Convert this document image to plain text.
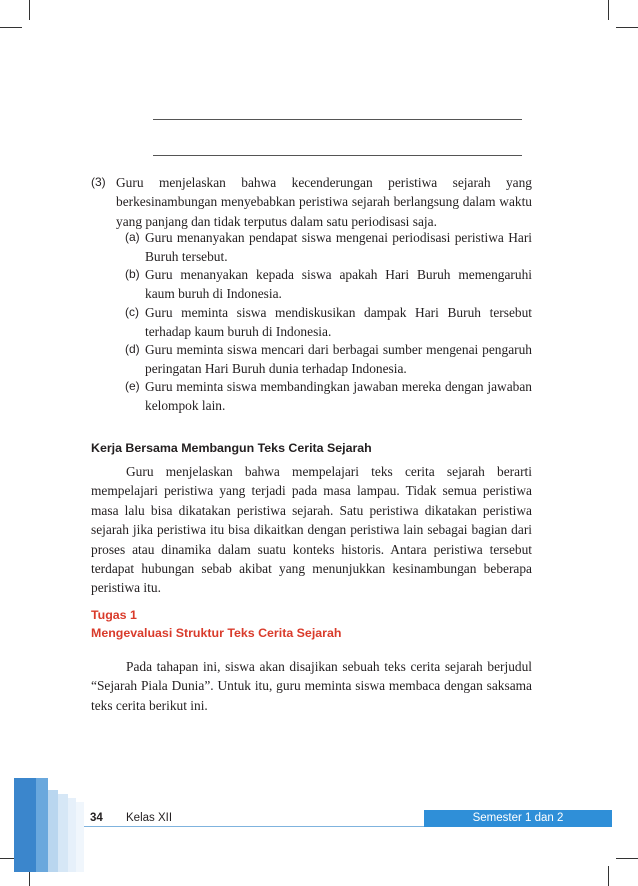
(3) Guru menjelaskan bahwa kecenderungan peristiwa sejarah yang berkesinambungan menyebabkan peristiwa sejarah berlangsung dalam waktu yang panjang dan tidak terputus dalam satu periodisasi saja.

(a) Guru menanyakan pendapat siswa mengenai periodisasi peristiwa Hari Buruh tersebut.

(b) Guru menanyakan kepada siswa apakah Hari Buruh memengaruhi kaum buruh di Indonesia.

(c) Guru meminta siswa mendiskusikan dampak Hari Buruh tersebut terhadap kaum buruh di Indonesia.

(d) Guru meminta siswa mencari dari berbagai sumber mengenai pengaruh peringatan Hari Buruh dunia terhadap Indonesia.

(e) Guru meminta siswa membandingkan jawaban mereka dengan jawaban kelompok lain.

Kerja Bersama Membangun Teks Cerita Sejarah

Guru menjelaskan bahwa mempelajari teks cerita sejarah berarti mempelajari peristiwa yang terjadi pada masa lampau. Tidak semua peristiwa masa lalu bisa dikatakan peristiwa sejarah. Satu peristiwa dikatakan peristiwa sejarah jika peristiwa itu bisa dikaitkan dengan peristiwa lain sebagai bagian dari proses atau dinamika dalam suatu konteks historis. Antara peristiwa tersebut terdapat hubungan sebab akibat yang menunjukkan kesinambungan beberapa peristiwa itu.

Tugas 1

Mengevaluasi Struktur Teks Cerita Sejarah

Pada tahapan ini, siswa akan disajikan sebuah teks cerita sejarah berjudul “Sejarah Piala Dunia”. Untuk itu, guru meminta siswa membaca dengan saksama teks cerita berikut ini.

34 Kelas XII	Semester 1 dan 2
